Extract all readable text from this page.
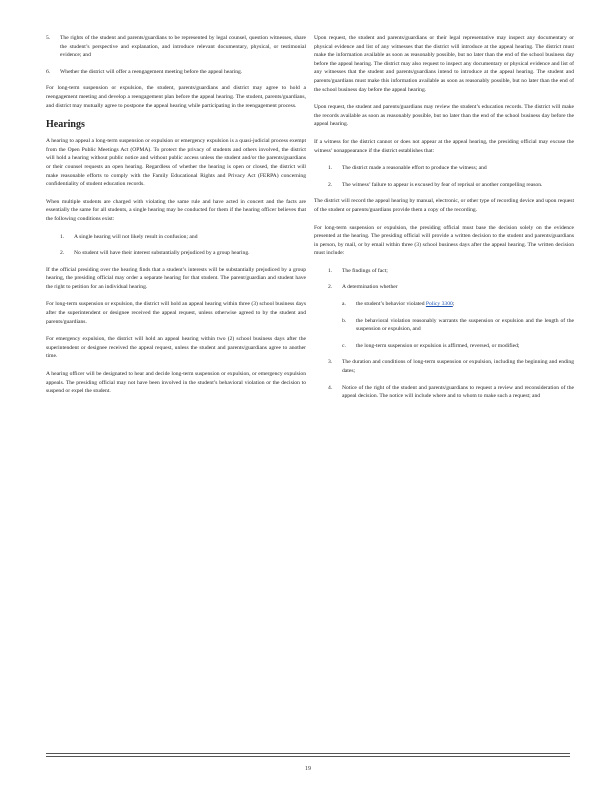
5.	The rights of the student and parents/guardians to be represented by legal counsel, question witnesses, share the student’s perspective and explanation, and introduce relevant documentary, physical, or testimonial evidence; and
6.	Whether the district will offer a reengagement meeting before the appeal hearing.

For long-term suspension or expulsion, the student, parents/guardians and district may agree to hold a reengagement meeting and develop a reengagement plan before the appeal hearing. The student, parents/guardians, and district may mutually agree to postpone the appeal hearing while participating in the reengagement process.

Hearings

A hearing to appeal a long-term suspension or expulsion or emergency expulsion is a quasi-judicial process exempt from the Open Public Meetings Act (OPMA). To protect the privacy of students and others involved, the district will hold a hearing without public notice and without public access unless the student and/or the parents/guardians or their counsel requests an open hearing. Regardless of whether the hearing is open or closed, the district will make reasonable efforts to comply with the Family Educational Rights and Privacy Act (FERPA) concerning confidentiality of student education records.

When multiple students are charged with violating the same rule and have acted in concert and the facts are essentially the same for all students, a single hearing may be conducted for them if the hearing officer believes that the following conditions exist:

1.	A single hearing will not likely result in confusion; and
2.	No student will have their interest substantially prejudiced by a group hearing.

If the official presiding over the hearing finds that a student’s interests will be substantially prejudiced by a group hearing, the presiding official may order a separate hearing for that student. The parent/guardian and student have the right to petition for an individual hearing.

For long-term suspension or expulsion, the district will hold an appeal hearing within three (3) school business days after the superintendent or designee received the appeal request, unless otherwise agreed to by the student and parents/guardians.

For emergency expulsion, the district will hold an appeal hearing within two (2) school business days after the superintendent or designee received the appeal request, unless the student and parents/guardians agree to another time.

A hearing officer will be designated to hear and decide long-term suspension or expulsion, or emergency expulsion appeals. The presiding official may not have been involved in the student’s behavioral violation or the decision to suspend or expel the student.

Upon request, the student and parents/guardians or their legal representative may inspect any documentary or physical evidence and list of any witnesses that the district will introduce at the appeal hearing. The district must make the information available as soon as reasonably possible, but no later than the end of the school business day before the appeal hearing. The district may also request to inspect any documentary or physical evidence and list of any witnesses that the student and parents/guardians intend to introduce at the appeal hearing. The student and parents/guardians must make this information available as soon as reasonably possible, but no later than the end of the school business day before the appeal hearing.

Upon request, the student and parents/guardians may review the student’s education records. The district will make the records available as soon as reasonably possible, but no later than the end of the school business day before the appeal hearing.

If a witness for the district cannot or does not appear at the appeal hearing, the presiding official may excuse the witness’ nonappearance if the district establishes that:

1.	The district made a reasonable effort to produce the witness; and
2.	The witness’ failure to appear is excused by fear of reprisal or another compelling reason.

The district will record the appeal hearing by manual, electronic, or other type of recording device and upon request of the student or parents/guardians provide them a copy of the recording.

For long-term suspension or expulsion, the presiding official must base the decision solely on the evidence presented at the hearing. The presiding official will provide a written decision to the student and parents/guardians in person, by mail, or by email within three (3) school business days after the appeal hearing. The written decision must include:

1.	The findings of fact;
2.	A determination whether
a.	the student’s behavior violated Policy 3300;
b.	the behavioral violation reasonably warrants the suspension or expulsion and the length of the suspension or expulsion, and
c.	the long-term suspension or expulsion is affirmed, reversed, or modified;
3.	The duration and conditions of long-term suspension or expulsion, including the beginning and ending dates;
4.	Notice of the right of the student and parents/guardians to request a review and reconsideration of the appeal decision. The notice will include where and to whom to make such a request; and
19
